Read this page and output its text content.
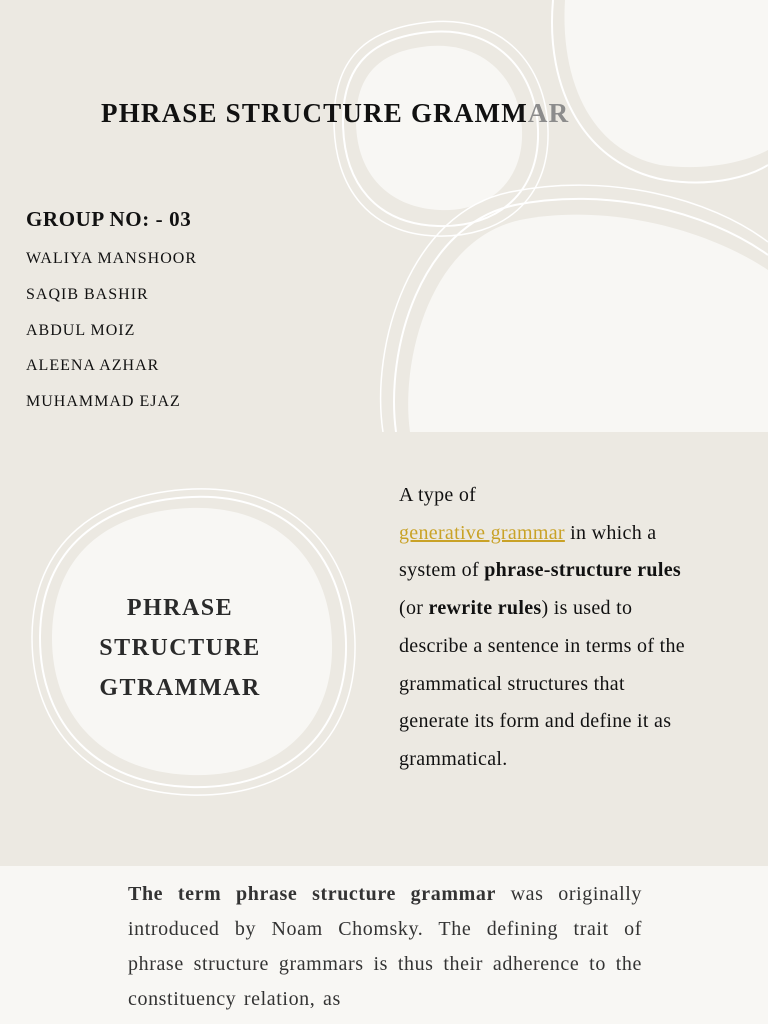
PHRASE STRUCTURE GRAMMAR
GROUP NO: - 03
WALIYA MANSHOOR
SAQIB BASHIR
ABDUL MOIZ
ALEENA AZHAR
MUHAMMAD EJAZ
PHRASE
STRUCTURE
GTRAMMAR

A type of
generative grammar in which a system of phrase-structure rules (or rewrite rules) is used to describe a sentence in terms of the grammatical structures that generate its form and define it as grammatical.

The term phrase structure grammar was originally introduced by Noam Chomsky. The defining trait of phrase structure grammars is thus their adherence to the constituency relation, as
